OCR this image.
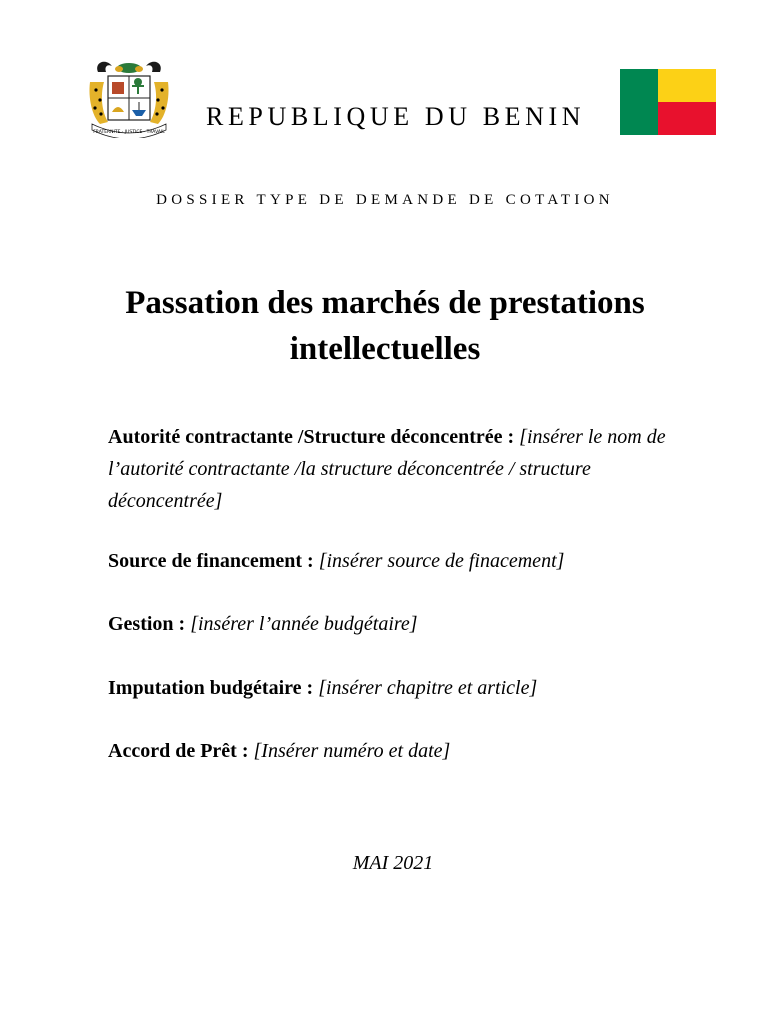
FRATERNITE · JUSTICE · TRAVAIL
REPUBLIQUE DU BENIN
DOSSIER TYPE DE DEMANDE DE COTATION
Passation des marchés de prestations
intellectuelles
Autorité contractante /Structure déconcentrée : [insérer le nom de l’autorité contractante /la structure déconcentrée / structure déconcentrée]
Source de financement : [insérer source de finacement]
Gestion : [insérer l’année budgétaire]
Imputation budgétaire : [insérer chapitre et article]
Accord de Prêt : [Insérer numéro et date]
MAI 2021
